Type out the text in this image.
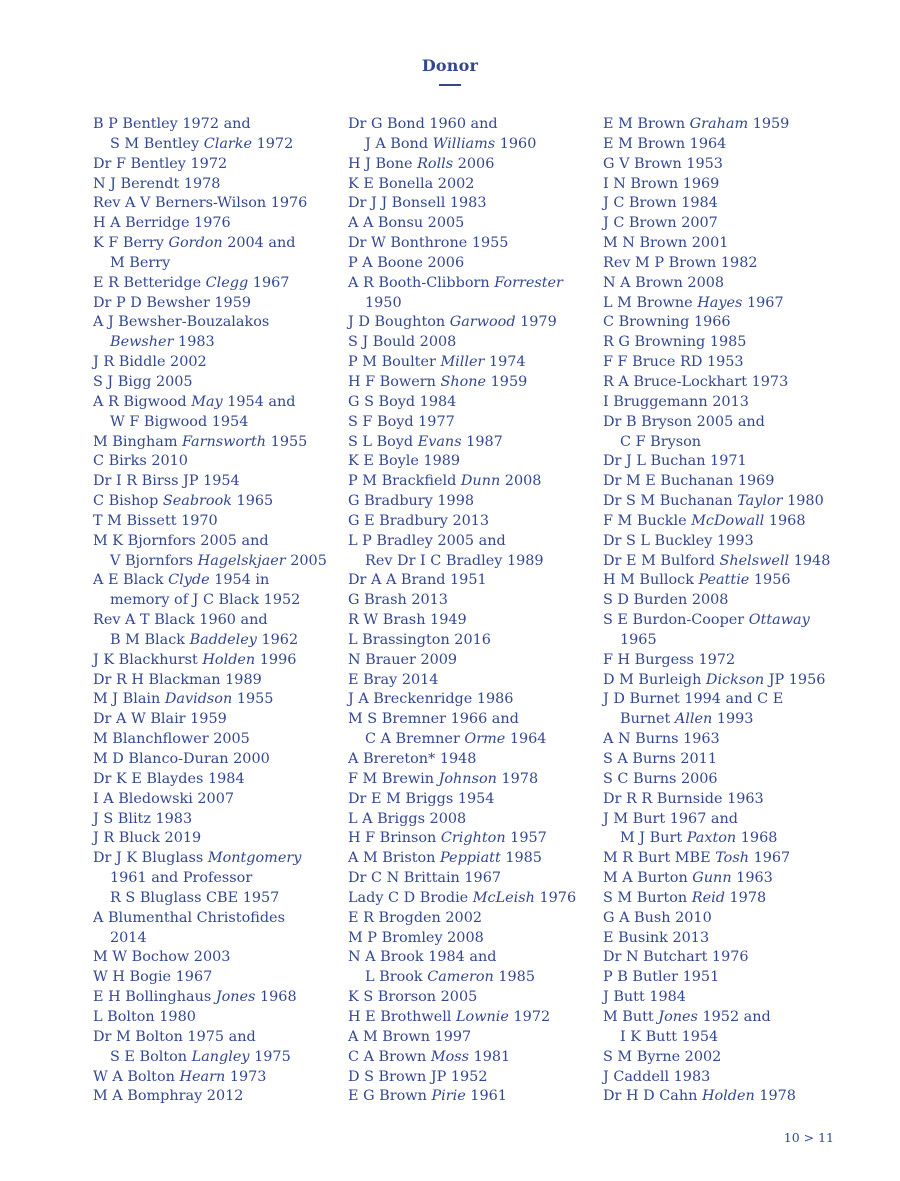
Donor
B P Bentley 1972 and
S M Bentley Clarke 1972
Dr F Bentley 1972
N J Berendt 1978
Rev A V Berners-Wilson 1976
H A Berridge 1976
K F Berry Gordon 2004 and
M Berry
E R Betteridge Clegg 1967
Dr P D Bewsher 1959
A J Bewsher-Bouzalakos
Bewsher 1983
J R Biddle 2002
S J Bigg 2005
A R Bigwood May 1954 and
W F Bigwood 1954
M Bingham Farnsworth 1955
C Birks 2010
Dr I R Birss JP 1954
C Bishop Seabrook 1965
T M Bissett 1970
M K Bjornfors 2005 and
V Bjornfors Hagelskjaer 2005
A E Black Clyde 1954 in
memory of J C Black 1952
Rev A T Black 1960 and
B M Black Baddeley 1962
J K Blackhurst Holden 1996
Dr R H Blackman 1989
M J Blain Davidson 1955
Dr A W Blair 1959
M Blanchflower 2005
M D Blanco-Duran 2000
Dr K E Blaydes 1984
I A Bledowski 2007
J S Blitz 1983
J R Bluck 2019
Dr J K Bluglass Montgomery
1961 and Professor
R S Bluglass CBE 1957
A Blumenthal Christofides
2014
M W Bochow 2003
W H Bogie 1967
E H Bollinghaus Jones 1968
L Bolton 1980
Dr M Bolton 1975 and
S E Bolton Langley 1975
W A Bolton Hearn 1973
M A Bomphray 2012
Dr G Bond 1960 and
J A Bond Williams 1960
H J Bone Rolls 2006
K E Bonella 2002
Dr J J Bonsell 1983
A A Bonsu 2005
Dr W Bonthrone 1955
P A Boone 2006
A R Booth-Clibborn Forrester
1950
J D Boughton Garwood 1979
S J Bould 2008
P M Boulter Miller 1974
H F Bowern Shone 1959
G S Boyd 1984
S F Boyd 1977
S L Boyd Evans 1987
K E Boyle 1989
P M Brackfield Dunn 2008
G Bradbury 1998
G E Bradbury 2013
L P Bradley 2005 and
Rev Dr I C Bradley 1989
Dr A A Brand 1951
G Brash 2013
R W Brash 1949
L Brassington 2016
N Brauer 2009
E Bray 2014
J A Breckenridge 1986
M S Bremner 1966 and
C A Bremner Orme 1964
A Brereton* 1948
F M Brewin Johnson 1978
Dr E M Briggs 1954
L A Briggs 2008
H F Brinson Crighton 1957
A M Briston Peppiatt 1985
Dr C N Brittain 1967
Lady C D Brodie McLeish 1976
E R Brogden 2002
M P Bromley 2008
N A Brook 1984 and
L Brook Cameron 1985
K S Brorson 2005
H E Brothwell Lownie 1972
A M Brown 1997
C A Brown Moss 1981
D S Brown JP 1952
E G Brown Pirie 1961
E M Brown Graham 1959
E M Brown 1964
G V Brown 1953
I N Brown 1969
J C Brown 1984
J C Brown 2007
M N Brown 2001
Rev M P Brown 1982
N A Brown 2008
L M Browne Hayes 1967
C Browning 1966
R G Browning 1985
F F Bruce RD 1953
R A Bruce-Lockhart 1973
I Bruggemann 2013
Dr B Bryson 2005 and
C F Bryson
Dr J L Buchan 1971
Dr M E Buchanan 1969
Dr S M Buchanan Taylor 1980
F M Buckle McDowall 1968
Dr S L Buckley 1993
Dr E M Bulford Shelswell 1948
H M Bullock Peattie 1956
S D Burden 2008
S E Burdon-Cooper Ottaway
1965
F H Burgess 1972
D M Burleigh Dickson JP 1956
J D Burnet 1994 and C E
Burnet Allen 1993
A N Burns 1963
S A Burns 2011
S C Burns 2006
Dr R R Burnside 1963
J M Burt 1967 and
M J Burt Paxton 1968
M R Burt MBE Tosh 1967
M A Burton Gunn 1963
S M Burton Reid 1978
G A Bush 2010
E Busink 2013
Dr N Butchart 1976
P B Butler 1951
J Butt 1984
M Butt Jones 1952 and
I K Butt 1954
S M Byrne 2002
J Caddell 1983
Dr H D Cahn Holden 1978
10 > 11
